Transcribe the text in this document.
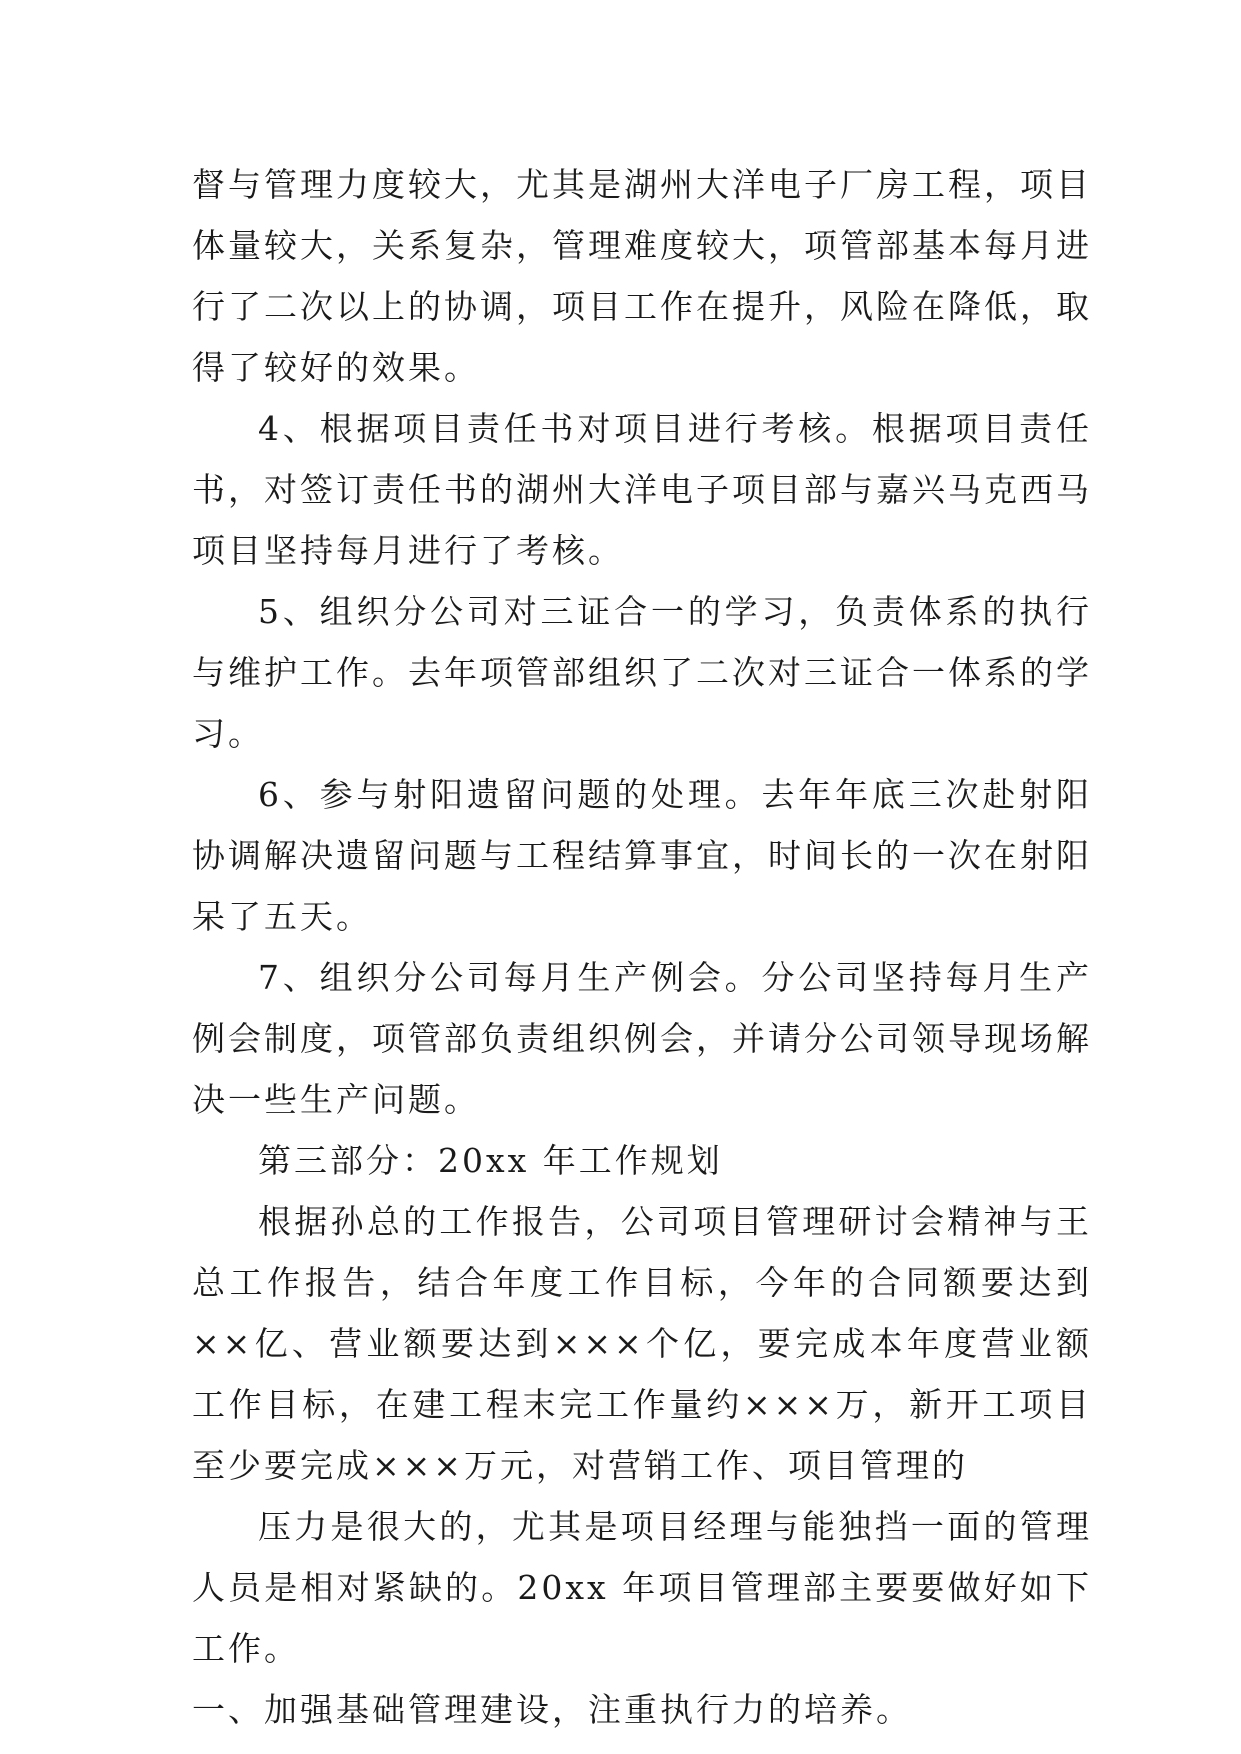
督与管理力度较大，尤其是湖州大洋电子厂房工程，项目体量较大，关系复杂，管理难度较大，项管部基本每月进行了二次以上的协调，项目工作在提升，风险在降低，取得了较好的效果。

4、根据项目责任书对项目进行考核。根据项目责任书，对签订责任书的湖州大洋电子项目部与嘉兴马克西马项目坚持每月进行了考核。

5、组织分公司对三证合一的学习，负责体系的执行与维护工作。去年项管部组织了二次对三证合一体系的学习。

6、参与射阳遗留问题的处理。去年年底三次赴射阳协调解决遗留问题与工程结算事宜，时间长的一次在射阳呆了五天。

7、组织分公司每月生产例会。分公司坚持每月生产例会制度，项管部负责组织例会，并请分公司领导现场解决一些生产问题。

第三部分：20xx 年工作规划

根据孙总的工作报告，公司项目管理研讨会精神与王总工作报告，结合年度工作目标，今年的合同额要达到××亿、营业额要达到×××个亿，要完成本年度营业额工作目标，在建工程末完工作量约×××万，新开工项目至少要完成×××万元，对营销工作、项目管理的

压力是很大的，尤其是项目经理与能独挡一面的管理人员是相对紧缺的。20xx 年项目管理部主要要做好如下工作。

一、加强基础管理建设，注重执行力的培养。
